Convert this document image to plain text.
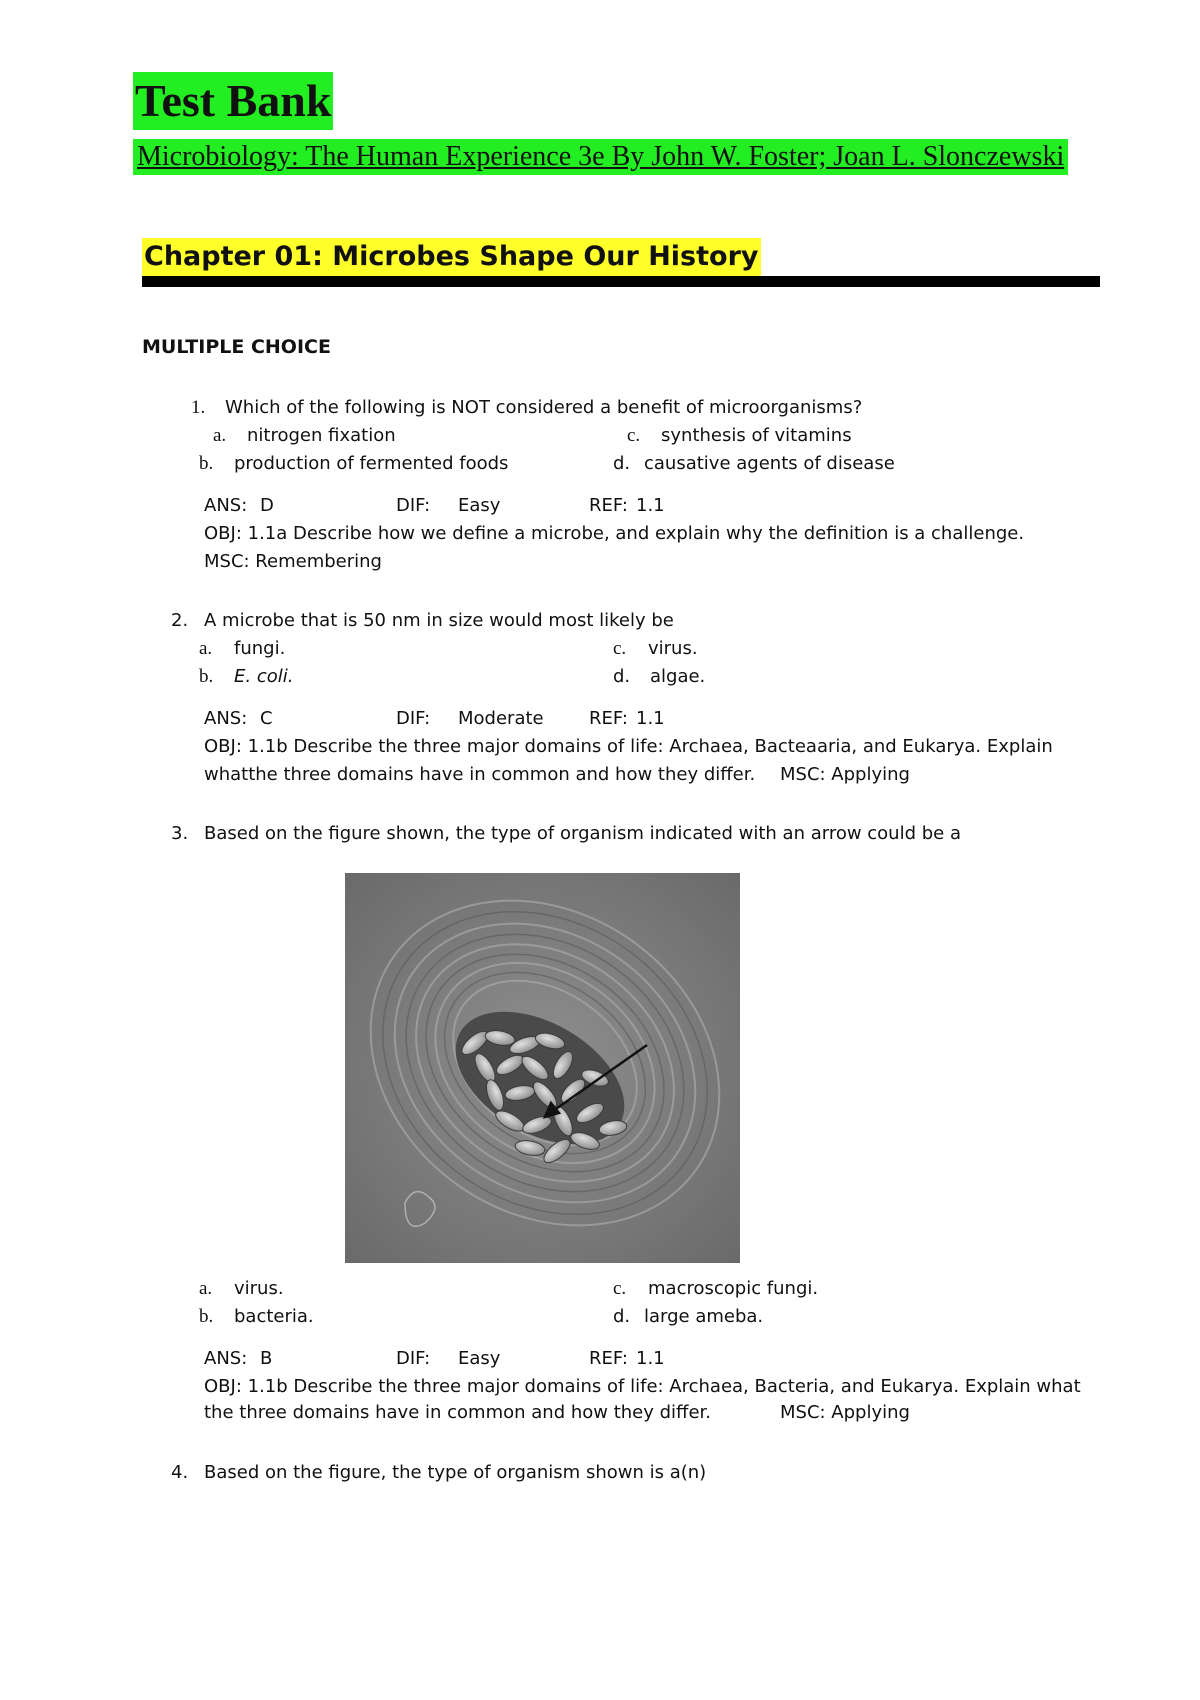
Test Bank
Microbiology: The Human Experience 3e By John W. Foster; Joan L. Slonczewski
Chapter 01: Microbes Shape Our History
MULTIPLE CHOICE
1. Which of the following is NOT considered a benefit of microorganisms?
a. nitrogen fixation
b. production of fermented foods
c. synthesis of vitamins
d. causative agents of disease
ANS: D	DIF: Easy	REF: 1.1
OBJ: 1.1a Describe how we define a microbe, and explain why the definition is a challenge.
MSC: Remembering
2. A microbe that is 50 nm in size would most likely be
a. fungi.
b. E. coli.
c. virus.
d. algae.
ANS: C	DIF: Moderate	REF: 1.1
OBJ: 1.1b Describe the three major domains of life: Archaea, Bacteaaria, and Eukarya. Explain
whatthe three domains have in common and how they differ. MSC: Applying
3. Based on the figure shown, the type of organism indicated with an arrow could be a
a. virus.
b. bacteria.
c. macroscopic fungi.
d. large ameba.
ANS: B	DIF: Easy	REF: 1.1
OBJ: 1.1b Describe the three major domains of life: Archaea, Bacteria, and Eukarya. Explain what
the three domains have in common and how they differ.	MSC: Applying
4. Based on the figure, the type of organism shown is a(n)
